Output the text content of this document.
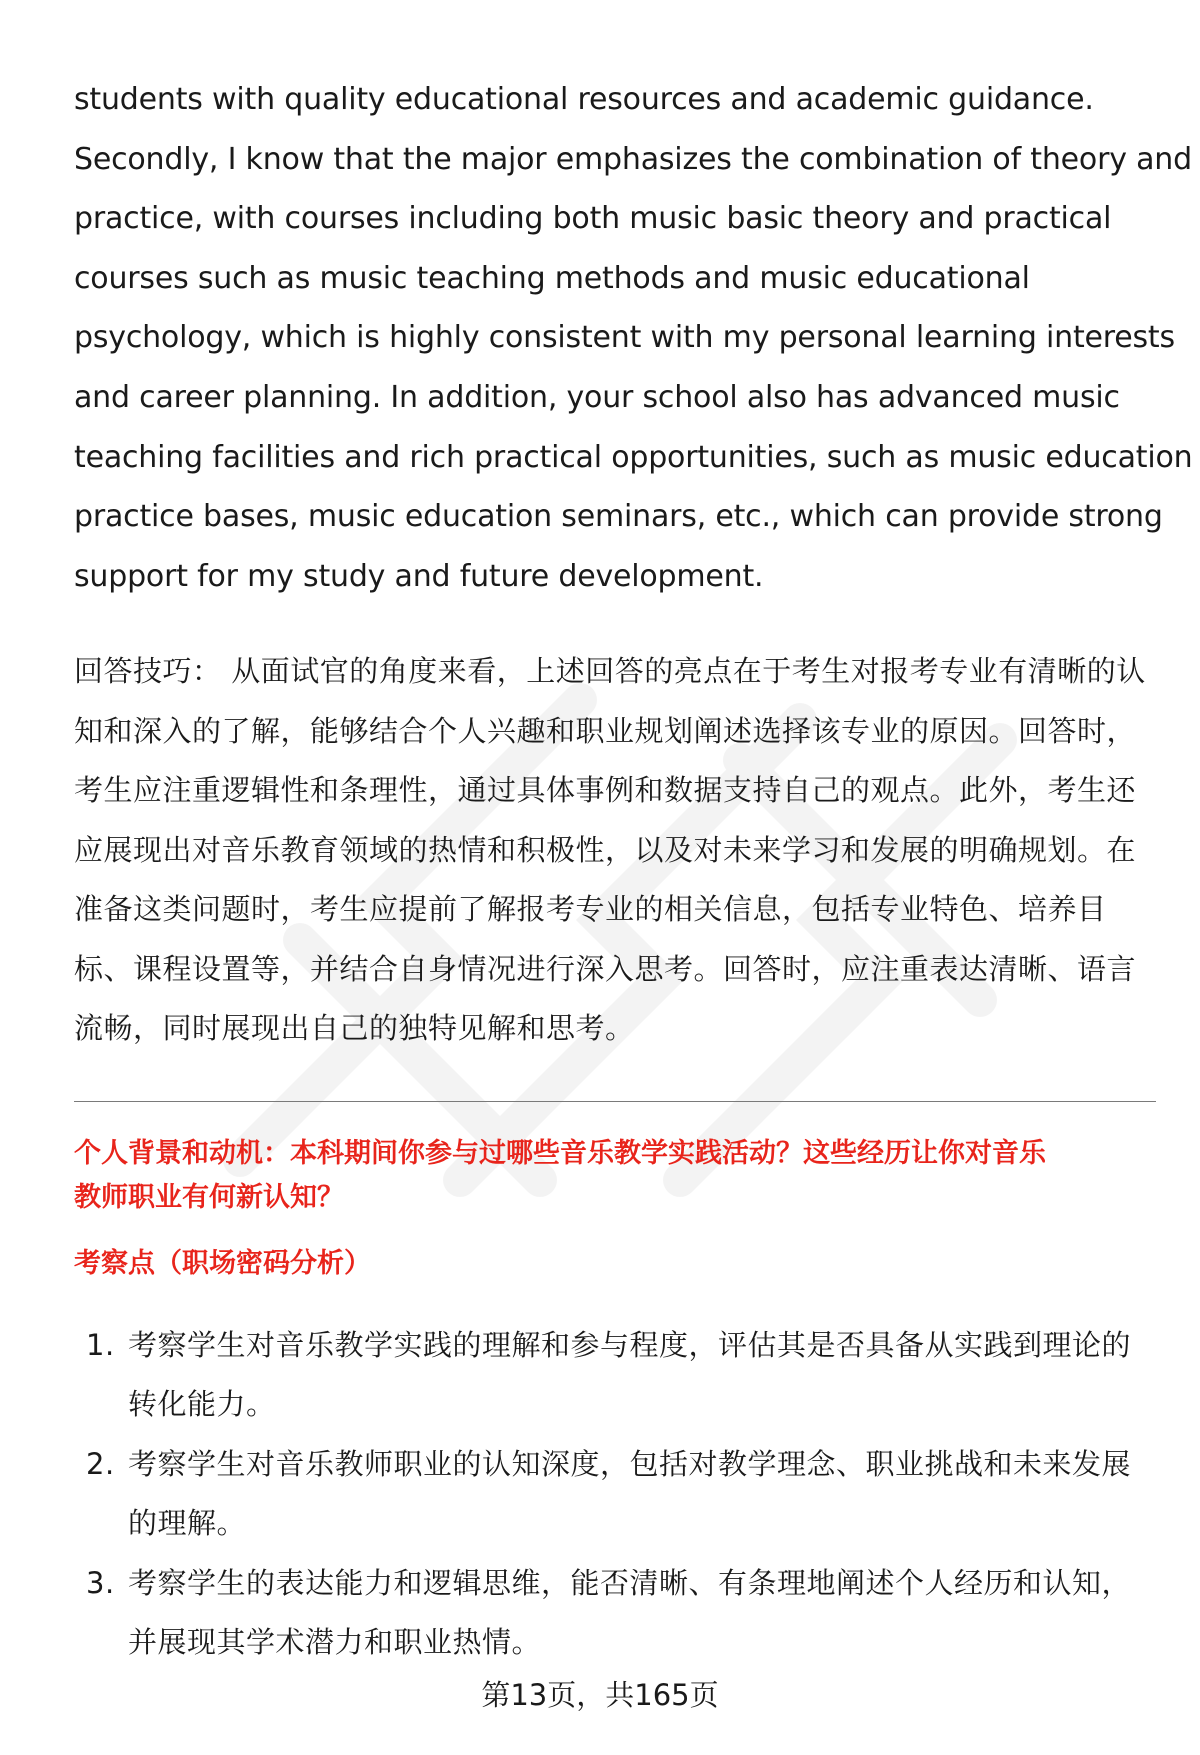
students with quality educational resources and academic guidance.
Secondly, I know that the major emphasizes the combination of theory and
practice, with courses including both music basic theory and practical
courses such as music teaching methods and music educational
psychology, which is highly consistent with my personal learning interests
and career planning. In addition, your school also has advanced music
teaching facilities and rich practical opportunities, such as music education
practice bases, music education seminars, etc., which can provide strong
support for my study and future development.
回答技巧： 从面试官的角度来看，上述回答的亮点在于考生对报考专业有清晰的认
知和深入的了解，能够结合个人兴趣和职业规划阐述选择该专业的原因。回答时，
考生应注重逻辑性和条理性，通过具体事例和数据支持自己的观点。此外，考生还
应展现出对音乐教育领域的热情和积极性，以及对未来学习和发展的明确规划。在
准备这类问题时，考生应提前了解报考专业的相关信息，包括专业特色、培养目
标、课程设置等，并结合自身情况进行深入思考。回答时，应注重表达清晰、语言
流畅，同时展现出自己的独特见解和思考。
个人背景和动机：本科期间你参与过哪些音乐教学实践活动？这些经历让你对音乐
教师职业有何新认知？
考察点（职场密码分析）
1. 考察学生对音乐教学实践的理解和参与程度，评估其是否具备从实践到理论的
转化能力。
2. 考察学生对音乐教师职业的认知深度，包括对教学理念、职业挑战和未来发展
的理解。
3. 考察学生的表达能力和逻辑思维，能否清晰、有条理地阐述个人经历和认知，
并展现其学术潜力和职业热情。
第13页，共165页
